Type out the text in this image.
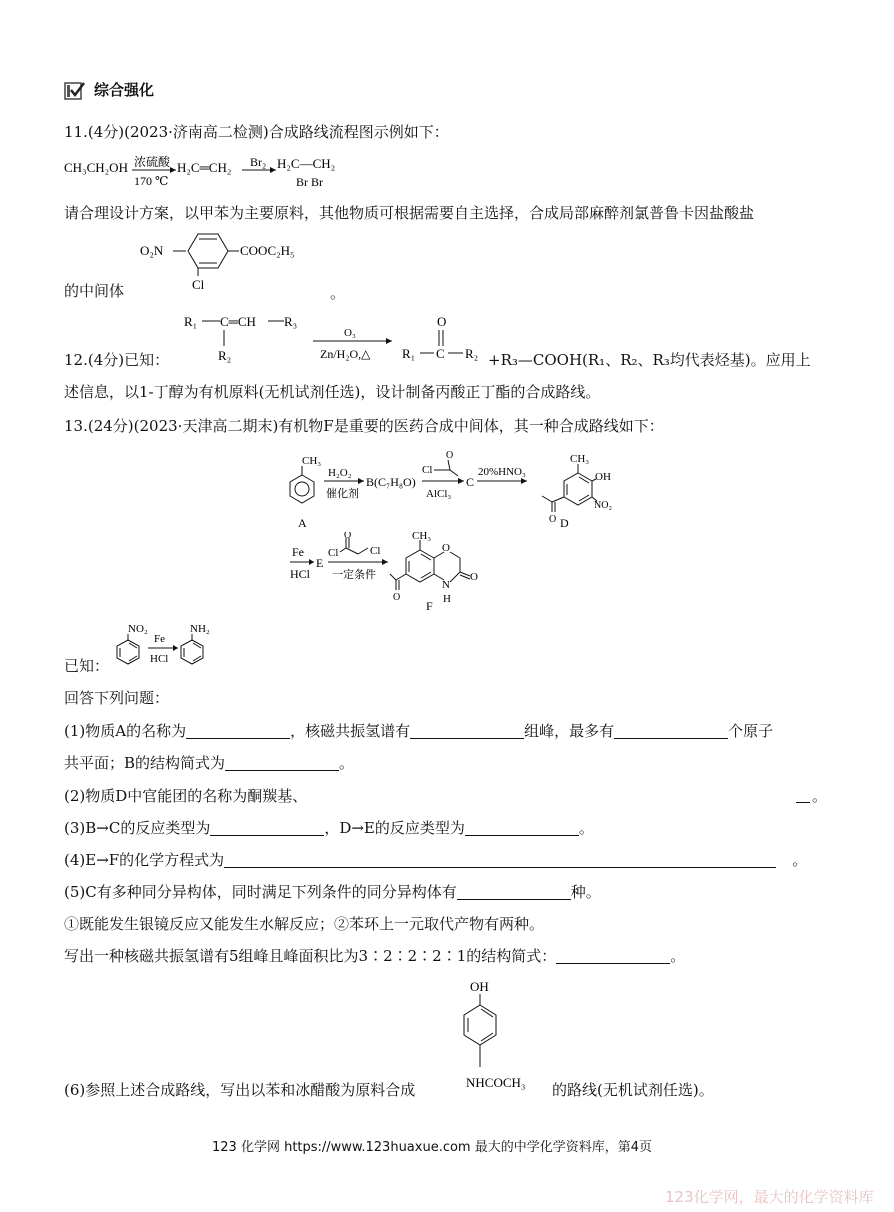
综合强化
11.(4分)(2023·济南高二检测)合成路线流程图示例如下：
CH₃CH₂OH 浓硫酸
170 ℃
H₂C═CH₂ Br₂ H₂C—CH₂
Br Br
请合理设计方案，以甲苯为主要原料，其他物质可根据需要自主选择，合成局部麻醉剂氯普鲁卡因盐酸盐
O₂N	COOC₂H₅
Cl
的中间体	。
R₁ C═CH R₃
R₂
O₃
Zn/H₂O,△
O
R₁ C R₂
12.(4分)已知：	+R₃—COOH(R₁、R₂、R₃均代表烃基)。应用上
述信息，以1-丁醇为有机原料(无机试剂任选)，设计制备丙酸正丁酯的合成路线。
13.(24分)(2023·天津高二期末)有机物F是重要的医药合成中间体，其一种合成路线如下：
CH₃
A
H₂O₂
催化剂
B(C₇H₈O)
O
Cl
AlCl₃
C
20%HNO₃
CH₃
OH
NO₂
O D
Fe
HCl
E
Cl
O
Cl
一定条件
CH₃
O
N
H
O
O
F
NO₂
Fe
HCl
NH₂
已知：
回答下列问题：
(1)物质A的名称为	，核磁共振氢谱有	组峰，最多有	个原子
共平面；B的结构简式为	。
(2)物质D中官能团的名称为酮羰基、	。
(3)B→C的反应类型为	，D→E的反应类型为	。
(4)E→F的化学方程式为	。
(5)C有多种同分异构体，同时满足下列条件的同分异构体有	种。
①既能发生银镜反应又能发生水解反应；②苯环上一元取代产物有两种。
写出一种核磁共振氢谱有5组峰且峰面积比为3∶2∶2∶2∶1的结构简式：	。
OH
NHCOCH₃
(6)参照上述合成路线，写出以苯和冰醋酸为原料合成	的路线(无机试剂任选)。
123 化学网 https://www.123huaxue.com 最大的中学化学资料库，第4页
123化学网，最大的化学资料库
